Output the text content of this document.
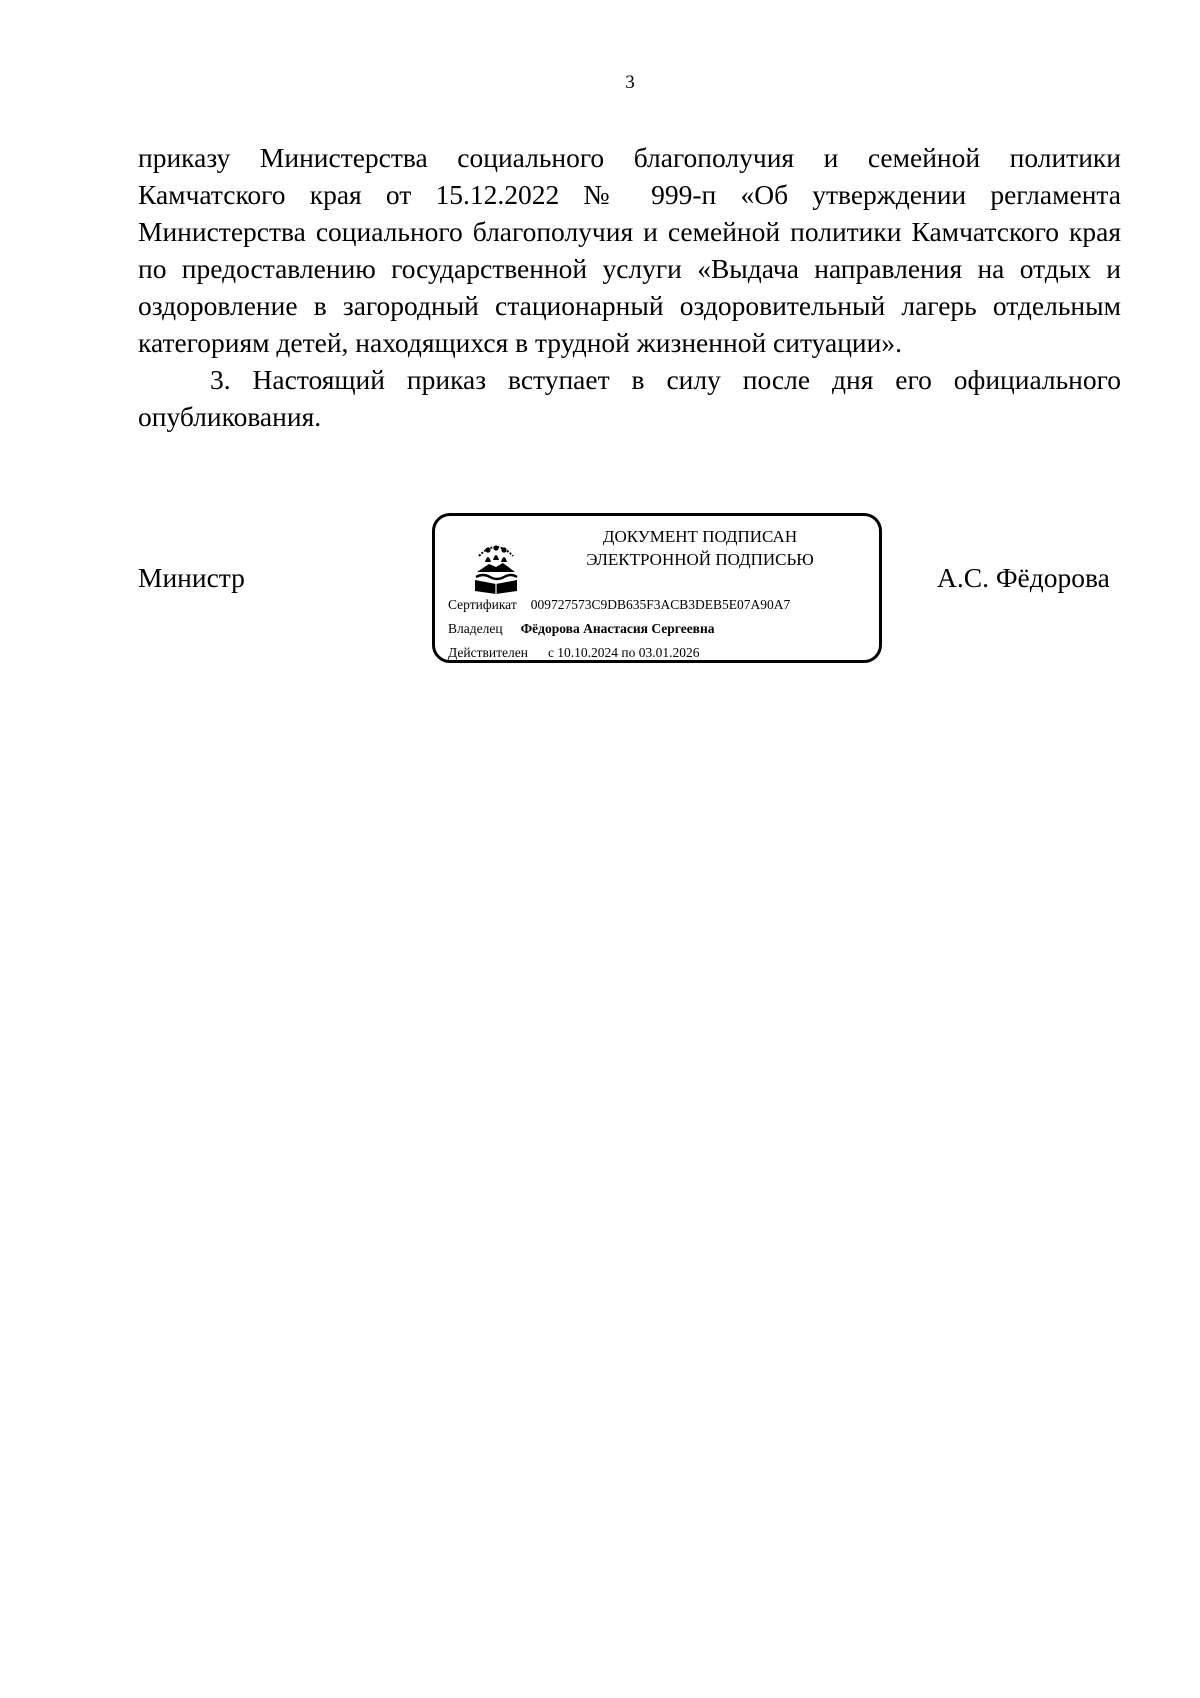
3

приказу Министерства социального благополучия и семейной политики Камчатского края от 15.12.2022 № 999-п «Об утверждении регламента Министерства социального благополучия и семейной политики Камчатского края по предоставлению государственной услуги «Выдача направления на отдых и оздоровление в загородный стационарный оздоровительный лагерь отдельным категориям детей, находящихся в трудной жизненной ситуации».

3. Настоящий приказ вступает в силу после дня его официального опубликования.

Министр
ДОКУМЕНТ ПОДПИСАН
ЭЛЕКТРОННОЙ ПОДПИСЬЮ
Сертификат 009727573C9DB635F3ACB3DEB5E07A90A7
Владелец Фёдорова Анастасия Сергеевна
Действителен с 10.10.2024 по 03.01.2026
А.С. Фёдорова
